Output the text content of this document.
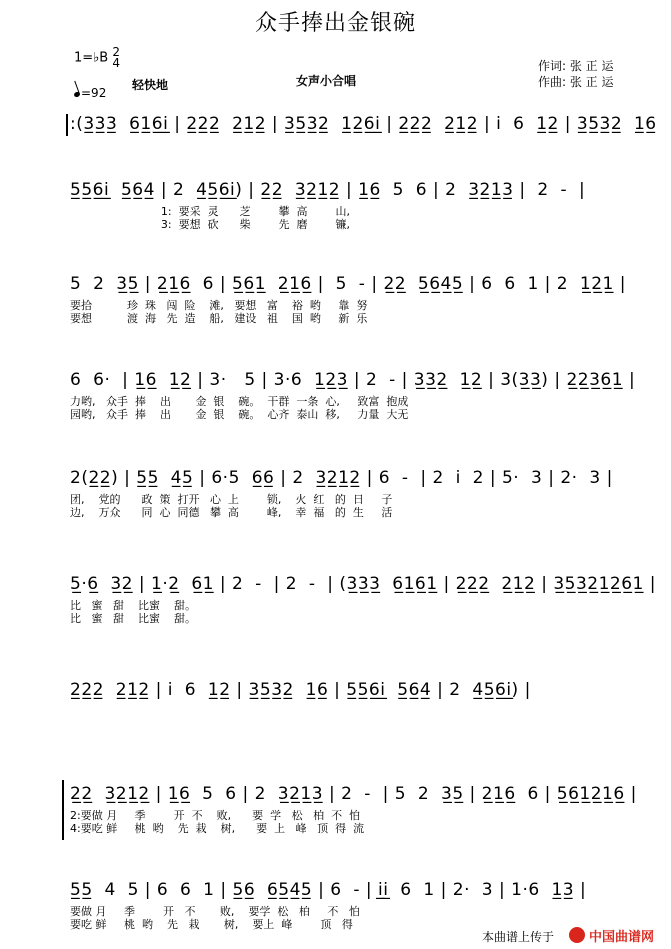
众手捧出金银碗
1=♭B 2
4
=92
轻快地	女声小合唱
作词: 张 正 运
作曲: 张 正 运
:(3̲3̲3̲  6̲1̲6̲i̲ | 2̲2̲2̲  2̲1̲2̲ | 3̲5̲3̲2̲  1̲2̲6̲i̲ | 2̲2̲2̲  2̲1̲2̲ | i  6  1̲2̲ | 3̲5̲3̲2̲  1̲6̲
5̲5̲6̲i̲  5̲6̲4̲ | 2  4̲5̲6̲i̲) | 2̲2̲  3̲2̲1̲2̲ | 1̲6̲  5  6 | 2  3̲2̲1̲3̲ |  2  -  |
1:  要采  灵      芝        攀  高        山,
3:  要想  砍      柴        先  磨        镰,
5  2  3̲5̲ | 2̲1̲6̲  6 | 5̲6̲1̲  2̲1̲6̲ |  5  - | 2̲2̲  5̲6̲4̲5̲ | 6  6  1 | 2  1̲2̲1̲ |
要拾          珍  珠   闯  险    滩,   要想   富    裕  哟     靠  努
要想          渡  海   先  造    船,   建设   祖    国  哟     新  乐
6  6·  | 1̲6̲  1̲2̲ | 3·   5 | 3·6  1̲2̲3̲ | 2  - | 3̲3̲2̲  1̲2̲ | 3(3̲3̲) | 2̲2̲3̲6̲1̲ |
力哟,   众手  捧    出       金  银    碗。  干群  一条  心,     致富  抱成
园哟,   众手  捧    出       金  银    碗。  心齐  泰山  移,     力量  大无
2(2̲2̲) | 5̲5̲  4̲5̲ | 6·5  6̲6̲ | 2  3̲2̲1̲2̲ | 6  -  | 2  i  2 | 5·  3 | 2·  3 |
团,    党的      政  策  打开   心  上        锁,    火  红   的  日     子
边,    万众      同  心  同德   攀  高        峰,    幸  福   的  生     活
5̲·6̲  3̲2̲ | 1̲·2̲  6̲1̲ | 2  -  | 2  -  | (3̲3̲3̲  6̲1̲6̲1̲ | 2̲2̲2̲  2̲1̲2̲ | 3̲5̲3̲2̲1̲2̲6̲1̲ |
比   蜜   甜    比蜜    甜。
比   蜜   甜    比蜜    甜。
2̲2̲2̲  2̲1̲2̲ | i  6  1̲2̲ | 3̲5̲3̲2̲  1̲6̲ | 5̲5̲6̲i̲  5̲6̲4̲ | 2  4̲5̲6̲i̲) |
2̲2̲  3̲2̲1̲2̲ | 1̲6̲  5  6 | 2  3̲2̲1̲3̲ | 2  -  | 5  2  3̲5̲ | 2̲1̲6̲  6 | 5̲6̲1̲2̲1̲6̲ |
2:要做 月     季        开  不    败,      要  学   松   柏  不  怕
4:要吃 鲜     桃  哟    先  栽    树,      要  上   峰   顶  得  流
5̲5̲  4  5 | 6  6  1 | 5̲6̲  6̲5̲4̲5̲ | 6  - | i̲i̲  6  1 | 2·  3 | 1·6  1̲3̲ |
要做 月     季        开   不       败,    要学  松   柏     不   怕
要吃 鲜     桃  哟    先   栽       树,    要上  峰        顶   得
本曲谱上传于	中国曲谱网
